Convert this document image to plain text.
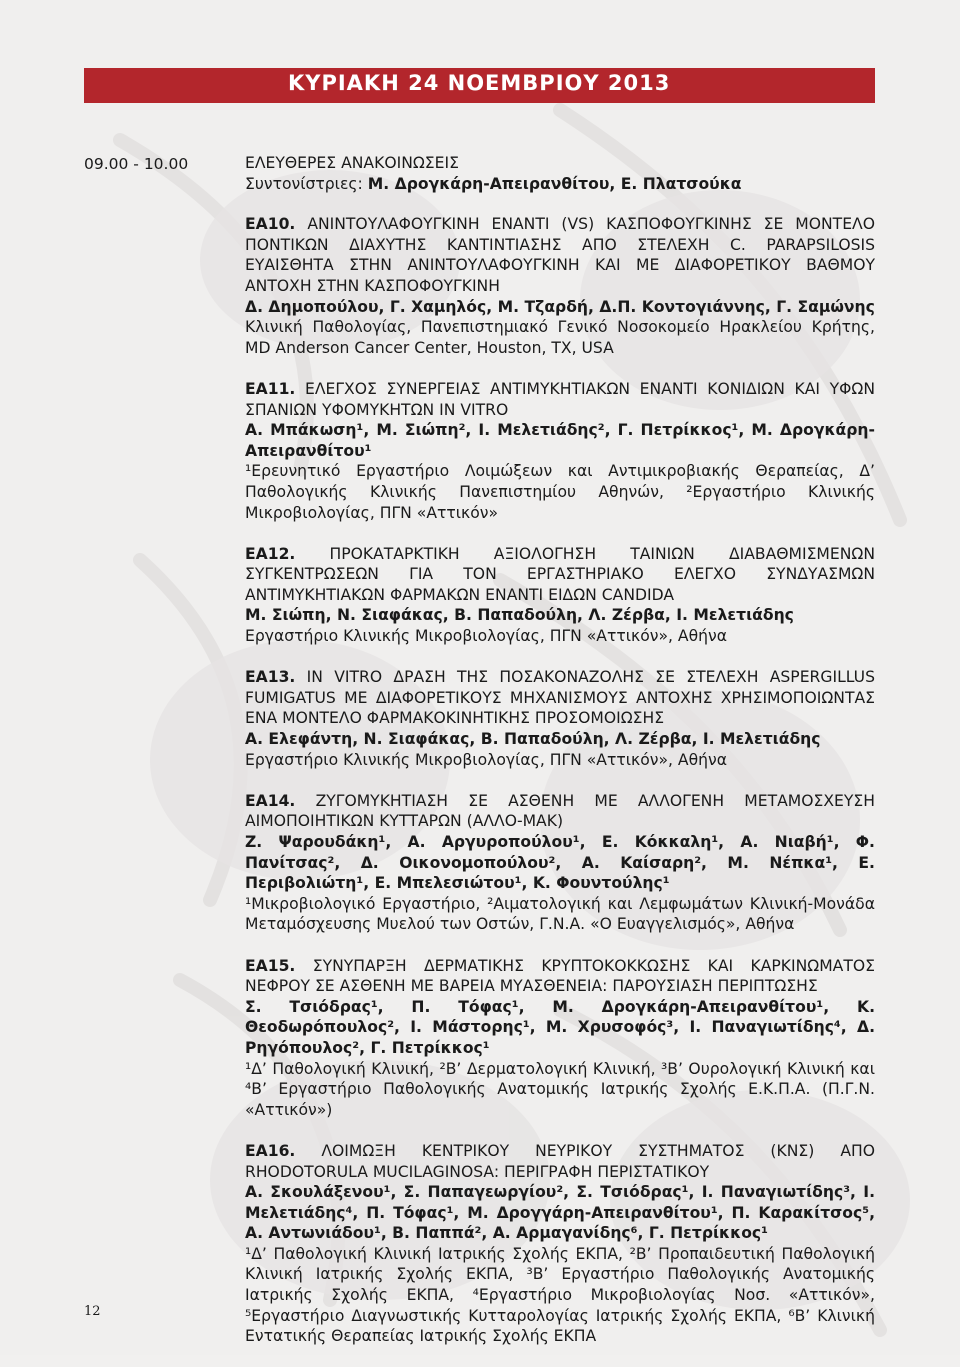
ΚΥΡΙΑΚΗ 24 ΝΟΕΜΒΡΙΟΥ 2013
09.00 - 10.00	ΕΛΕΥΘΕΡΕΣ ΑΝΑΚΟΙΝΩΣΕΙΣ

Συντονίστριες: Μ. Δρογκάρη-Απειρανθίτου, Ε. Πλατσούκα

ΕΑ10. ΑΝΙΝΤΟΥΛΑΦΟΥΓΚΙΝΗ ΕΝΑΝΤΙ (VS) ΚΑΣΠΟΦΟΥΓΚΙΝΗΣ ΣΕ ΜΟΝΤΕΛΟ ΠΟΝΤΙΚΩΝ ΔΙΑΧΥΤΗΣ ΚΑΝΤΙΝΤΙΑΣΗΣ ΑΠΟ ΣΤΕΛΕΧΗ C. PARAPSILOSIS ΕΥΑΙΣΘΗΤΑ ΣΤΗΝ ΑΝΙΝΤΟΥΛΑΦΟΥΓΚΙΝΗ ΚΑΙ ΜΕ ΔΙΑΦΟΡΕΤΙΚΟΥ ΒΑΘΜΟΥ ΑΝΤΟΧΗ ΣΤΗΝ ΚΑΣΠΟΦΟΥΓΚΙΝΗ

Δ. Δημοπούλου, Γ. Χαμηλός, Μ. Τζαρδή, Δ.Π. Κοντογιάννης, Γ. Σαμώνης

Κλινική Παθολογίας, Πανεπιστημιακό Γενικό Νοσοκομείο Ηρακλείου Κρήτης, MD Anderson Cancer Center, Houston, TX, USA

ΕΑ11. ΕΛΕΓΧΟΣ ΣΥΝΕΡΓΕΙΑΣ ΑΝΤΙΜΥΚΗΤΙΑΚΩΝ ΕΝΑΝΤΙ ΚΟΝΙΔΙΩΝ ΚΑΙ ΥΦΩΝ ΣΠΑΝΙΩΝ ΥΦΟΜΥΚΗΤΩΝ IN VITRO

Α. Μπάκωση¹, Μ. Σιώπη², Ι. Μελετιάδης², Γ. Πετρίκκος¹, Μ. Δρογκάρη-Απειρανθίτου¹

¹Ερευνητικό Εργαστήριο Λοιμώξεων και Αντιμικροβιακής Θεραπείας, Δ’ Παθολογικής Κλινικής Πανεπιστημίου Αθηνών, ²Εργαστήριο Κλινικής Μικροβιολογίας, ΠΓΝ «Αττικόν»

ΕΑ12. ΠΡΟΚΑΤΑΡΚΤΙΚΗ ΑΞΙΟΛΟΓΗΣΗ ΤΑΙΝΙΩΝ ΔΙΑΒΑΘΜΙΣΜΕΝΩΝ ΣΥΓΚΕΝΤΡΩΣΕΩΝ ΓΙΑ ΤΟΝ ΕΡΓΑΣΤΗΡΙΑΚΟ ΕΛΕΓΧΟ ΣΥΝΔΥΑΣΜΩΝ ΑΝΤΙΜΥΚΗΤΙΑΚΩΝ ΦΑΡΜΑΚΩΝ ΕΝΑΝΤΙ ΕΙΔΩΝ CANDIDA

Μ. Σιώπη, Ν. Σιαφάκας, Β. Παπαδούλη, Λ. Ζέρβα, Ι. Μελετιάδης

Εργαστήριο Κλινικής Μικροβιολογίας, ΠΓΝ «Αττικόν», Αθήνα

ΕΑ13. IN VITRO ΔΡΑΣΗ ΤΗΣ ΠΟΣΑΚΟΝΑΖΟΛΗΣ ΣΕ ΣΤΕΛΕΧΗ ASPERGILLUS FUMIGATUS ΜΕ ΔΙΑΦΟΡΕΤΙΚΟΥΣ ΜΗΧΑΝΙΣΜΟΥΣ ΑΝΤΟΧΗΣ ΧΡΗΣΙΜΟΠΟΙΩΝΤΑΣ ΕΝΑ ΜΟΝΤΕΛΟ ΦΑΡΜΑΚΟΚΙΝΗΤΙΚΗΣ ΠΡΟΣΟΜΟΙΩΣΗΣ

Α. Ελεφάντη, Ν. Σιαφάκας, Β. Παπαδούλη, Λ. Ζέρβα, Ι. Μελετιάδης

Εργαστήριο Κλινικής Μικροβιολογίας, ΠΓΝ «Αττικόν», Αθήνα

ΕΑ14. ΖΥΓΟΜΥΚΗΤΙΑΣΗ ΣΕ ΑΣΘΕΝΗ ΜΕ ΑΛΛΟΓΕΝΗ ΜΕΤΑΜΟΣΧΕΥΣΗ ΑΙΜΟΠΟΙΗΤΙΚΩΝ ΚΥΤΤΑΡΩΝ (ΑΛΛΟ-ΜΑΚ)

Ζ. Ψαρουδάκη¹, Α. Αργυροπούλου¹, Ε. Κόκκαλη¹, Α. Νιαβή¹, Φ. Πανίτσας², Δ. Οικονομοπούλου², Α. Καίσαρη², Μ. Νέπκα¹, Ε. Περιβολιώτη¹, Ε. Μπελεσιώτου¹, Κ. Φουντούλης¹

¹Μικροβιολογικό Εργαστήριο, ²Αιματολογική και Λεμφωμάτων Κλινική-Μονάδα Μεταμόσχευσης Μυελού των Οστών, Γ.Ν.Α. «Ο Ευαγγελισμός», Αθήνα

ΕΑ15. ΣΥΝΥΠΑΡΞΗ ΔΕΡΜΑΤΙΚΗΣ ΚΡΥΠΤΟΚΟΚΚΩΣΗΣ ΚΑΙ ΚΑΡΚΙΝΩΜΑΤΟΣ ΝΕΦΡΟΥ ΣΕ ΑΣΘΕΝΗ ΜΕ ΒΑΡΕΙΑ ΜΥΑΣΘΕΝΕΙΑ: ΠΑΡΟΥΣΙΑΣΗ ΠΕΡΙΠΤΩΣΗΣ

Σ. Τσιόδρας¹, Π. Τόφας¹, Μ. Δρογκάρη-Απειρανθίτου¹, Κ. Θεοδωρόπουλος², Ι. Μάστορης¹, Μ. Χρυσοφός³, Ι. Παναγιωτίδης⁴, Δ. Ρηγόπουλος², Γ. Πετρίκκος¹

¹Δ’ Παθολογική Κλινική, ²Β’ Δερματολογική Κλινική, ³Β’ Ουρολογική Κλινική και ⁴Β’ Εργαστήριο Παθολογικής Ανατομικής Ιατρικής Σχολής Ε.Κ.Π.Α. (Π.Γ.Ν. «Αττικόν»)

ΕΑ16. ΛΟΙΜΩΞΗ ΚΕΝΤΡΙΚΟΥ ΝΕΥΡΙΚΟΥ ΣΥΣΤΗΜΑΤΟΣ (ΚΝΣ) ΑΠΟ RHODOTORULA MUCILAGINOSA: ΠΕΡΙΓΡΑΦΗ ΠΕΡΙΣΤΑΤΙΚΟΥ

Α. Σκουλάξενου¹, Σ. Παπαγεωργίου², Σ. Τσιόδρας¹, Ι. Παναγιωτίδης³, Ι. Μελετιάδης⁴, Π. Τόφας¹, Μ. Δρογγάρη-Απειρανθίτου¹, Π. Καρακίτσος⁵, Α. Αντωνιάδου¹, Β. Παππά², Α. Αρμαγανίδης⁶, Γ. Πετρίκκος¹

¹Δ’ Παθολογική Κλινική Ιατρικής Σχολής ΕΚΠΑ, ²Β’ Προπαιδευτική Παθολογική Κλινική Ιατρικής Σχολής ΕΚΠΑ, ³Β’ Εργαστήριο Παθολογικής Ανατομικής Ιατρικής Σχολής ΕΚΠΑ, ⁴Εργαστήριο Μικροβιολογίας Νοσ. «Αττικόν», ⁵Εργαστήριο Διαγνωστικής Κυτταρολογίας Ιατρικής Σχολής ΕΚΠΑ, ⁶Β’ Κλινική Εντατικής Θεραπείας Ιατρικής Σχολής ΕΚΠΑ

12
